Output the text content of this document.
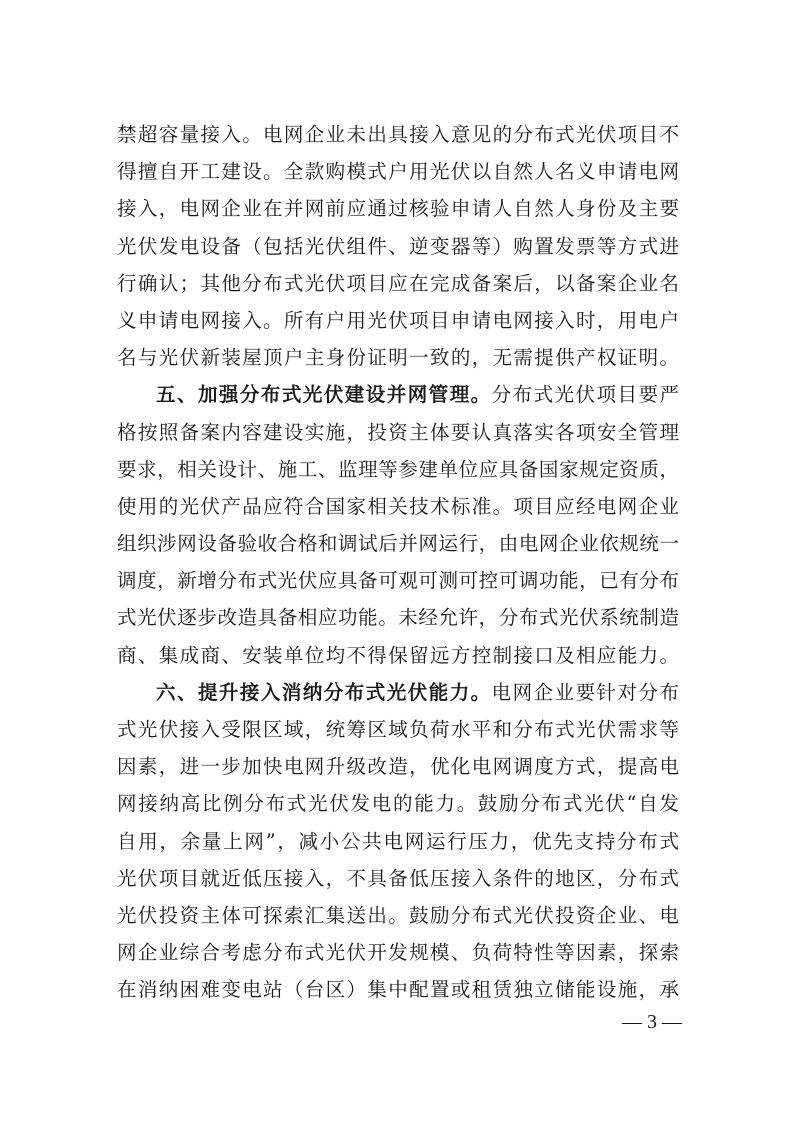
禁超容量接入。电网企业未出具接入意见的分布式光伏项目不
得擅自开工建设。全款购模式户用光伏以自然人名义申请电网
接入，电网企业在并网前应通过核验申请人自然人身份及主要
光伏发电设备（包括光伏组件、逆变器等）购置发票等方式进
行确认；其他分布式光伏项目应在完成备案后，以备案企业名
义申请电网接入。所有户用光伏项目申请电网接入时，用电户
名与光伏新装屋顶户主身份证明一致的，无需提供产权证明。
五、加强分布式光伏建设并网管理。分布式光伏项目要严
格按照备案内容建设实施，投资主体要认真落实各项安全管理
要求，相关设计、施工、监理等参建单位应具备国家规定资质，
使用的光伏产品应符合国家相关技术标准。项目应经电网企业
组织涉网设备验收合格和调试后并网运行，由电网企业依规统一
调度，新增分布式光伏应具备可观可测可控可调功能，已有分布
式光伏逐步改造具备相应功能。未经允许，分布式光伏系统制造
商、集成商、安装单位均不得保留远方控制接口及相应能力。
六、提升接入消纳分布式光伏能力。电网企业要针对分布
式光伏接入受限区域，统筹区域负荷水平和分布式光伏需求等
因素，进一步加快电网升级改造，优化电网调度方式，提高电
网接纳高比例分布式光伏发电的能力。鼓励分布式光伏“自发
自用，余量上网”，减小公共电网运行压力，优先支持分布式
光伏项目就近低压接入，不具备低压接入条件的地区，分布式
光伏投资主体可探索汇集送出。鼓励分布式光伏投资企业、电
网企业综合考虑分布式光伏开发规模、负荷特性等因素，探索
在消纳困难变电站（台区）集中配置或租赁独立储能设施，承
— 3 —
